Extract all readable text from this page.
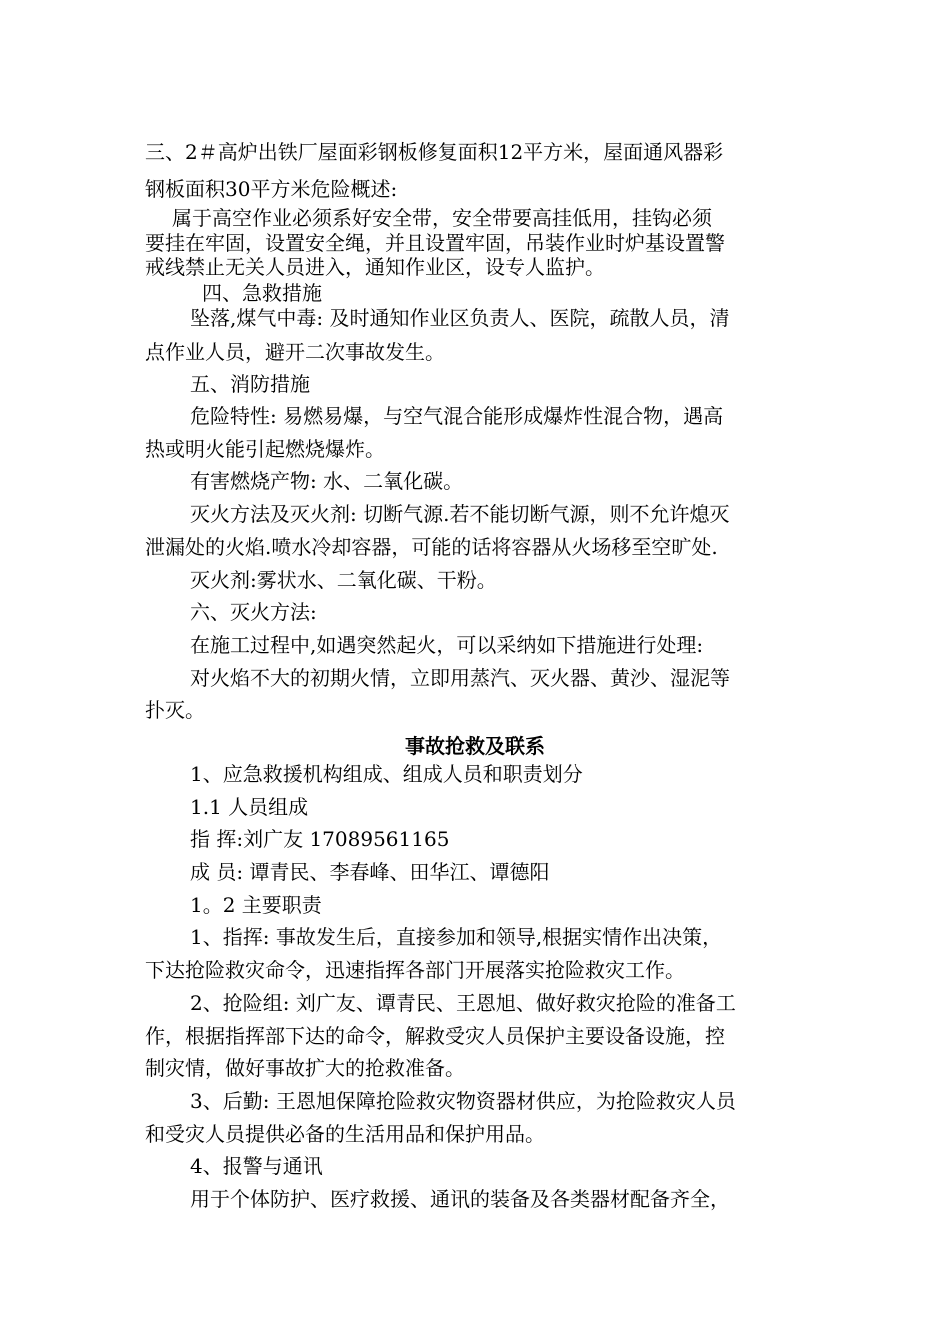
三、2＃高炉出铁厂屋面彩钢板修复面积12平方米，屋面通风器彩
钢板面积30平方米危险概述:
属于高空作业必须系好安全带，安全带要高挂低用，挂钩必须
要挂在牢固，设置安全绳，并且设置牢固，吊装作业时炉基设置警
戒线禁止无关人员进入，通知作业区，设专人监护。
四、急救措施
坠落,煤气中毒: 及时通知作业区负责人、医院，疏散人员，清
点作业人员，避开二次事故发生。
五、消防措施
危险特性: 易燃易爆，与空气混合能形成爆炸性混合物，遇高
热或明火能引起燃烧爆炸。
有害燃烧产物: 水、二氧化碳。
灭火方法及灭火剂: 切断气源.若不能切断气源，则不允许熄灭
泄漏处的火焰.喷水冷却容器，可能的话将容器从火场移至空旷处.
灭火剂:雾状水、二氧化碳、干粉。
六、灭火方法:
在施工过程中,如遇突然起火，可以采纳如下措施进行处理:
对火焰不大的初期火情，立即用蒸汽、灭火器、黄沙、湿泥等
扑灭。
事故抢救及联系
1、应急救援机构组成、组成人员和职责划分
1.1 人员组成
指 挥:刘广友 17089561165
成 员: 谭青民、李春峰、田华江、谭德阳
1。2 主要职责
1、指挥: 事故发生后，直接参加和领导,根据实情作出决策，
下达抢险救灾命令，迅速指挥各部门开展落实抢险救灾工作。
2、抢险组: 刘广友、谭青民、王恩旭、做好救灾抢险的准备工
作，根据指挥部下达的命令，解救受灾人员保护主要设备设施，控
制灾情，做好事故扩大的抢救准备。
3、后勤: 王恩旭保障抢险救灾物资器材供应，为抢险救灾人员
和受灾人员提供必备的生活用品和保护用品。
4、报警与通讯
用于个体防护、医疗救援、通讯的装备及各类器材配备齐全，
